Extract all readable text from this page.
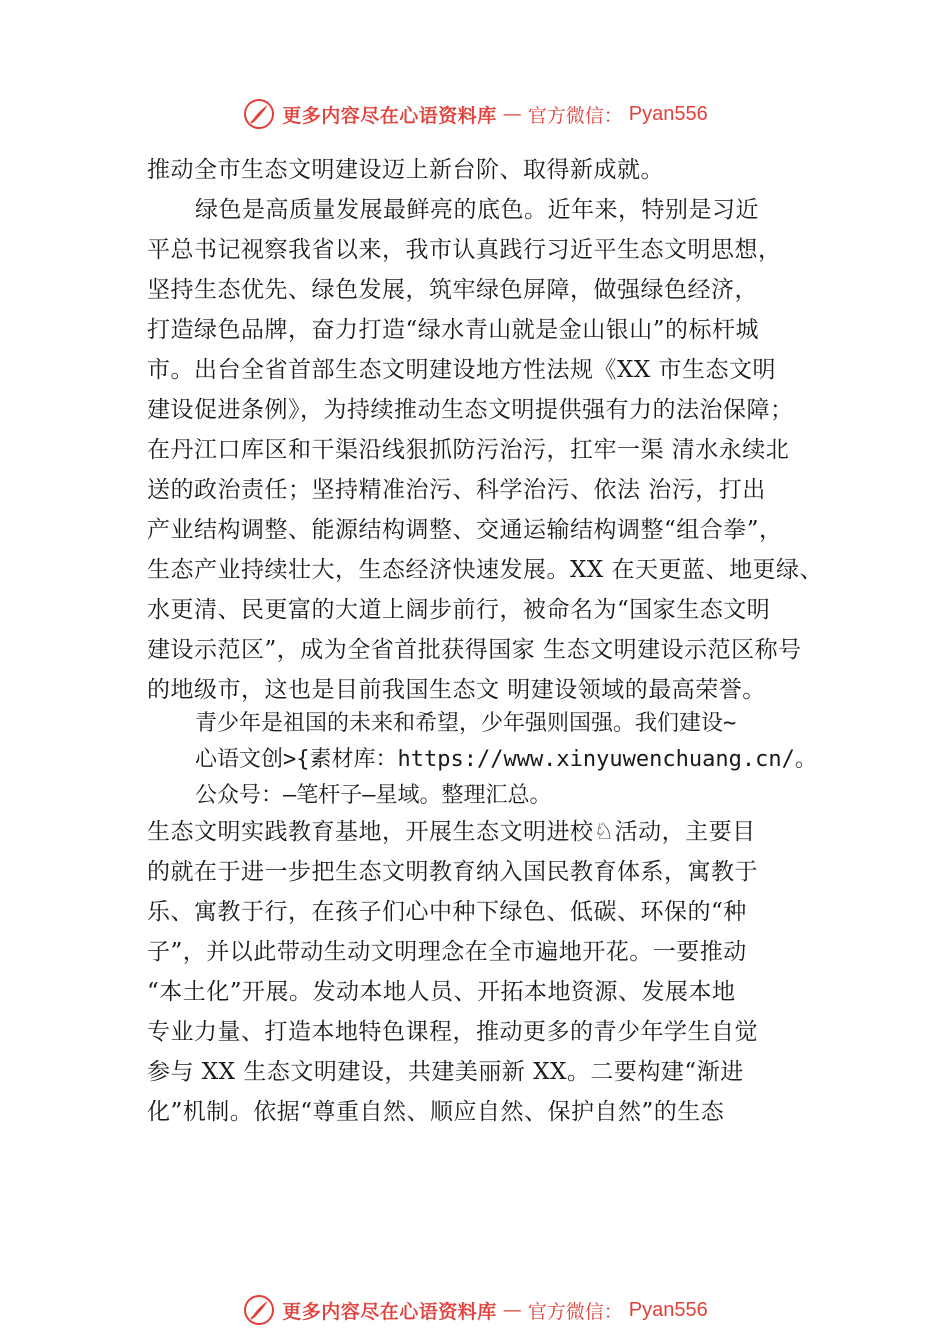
更多内容尽在心语资料库 — 官方微信： Pyan556
推动全市生态文明建设迈上新台阶、取得新成就。
绿色是高质量发展最鲜亮的底色。近年来，特别是习近
平总书记视察我省以来，我市认真践行习近平生态文明思想，
坚持生态优先、绿色发展，筑牢绿色屏障，做强绿色经济，
打造绿色品牌，奋力打造“绿水青山就是金山银山”的标杆城
市。出台全省首部生态文明建设地方性法规《XX 市生态文明
建设促进条例》，为持续推动生态文明提供强有力的法治保障；
在丹江口库区和干渠沿线狠抓防污治污，扛牢一渠 清水永续北
送的政治责任；坚持精准治污、科学治污、依法 治污，打出
产业结构调整、能源结构调整、交通运输结构调整“组合拳”，
生态产业持续壮大，生态经济快速发展。XX 在天更蓝、地更绿、
水更清、民更富的大道上阔步前行，被命名为“国家生态文明
建设示范区”，成为全省首批获得国家 生态文明建设示范区称号
的地级市，这也是目前我国生态文 明建设领域的最高荣誉。
青少年是祖国的未来和希望，少年强则国强。我们建设~
心语文创>{素材库：https://www.xinyuwenchuang.cn/。
公众号：—笔杆子—星域。整理汇总。
生态文明实践教育基地，开展生态文明进校♘活动，主要目
的就在于进一步把生态文明教育纳入国民教育体系，寓教于
乐、寓教于行，在孩子们心中种下绿色、低碳、环保的“种
子”，并以此带动生动文明理念在全市遍地开花。一要推动
“本土化”开展。发动本地人员、开拓本地资源、发展本地
专业力量、打造本地特色课程，推动更多的青少年学生自觉
参与 XX 生态文明建设，共建美丽新 XX。二要构建“渐进
化”机制。依据“尊重自然、顺应自然、保护自然”的生态
更多内容尽在心语资料库 — 官方微信： Pyan556
